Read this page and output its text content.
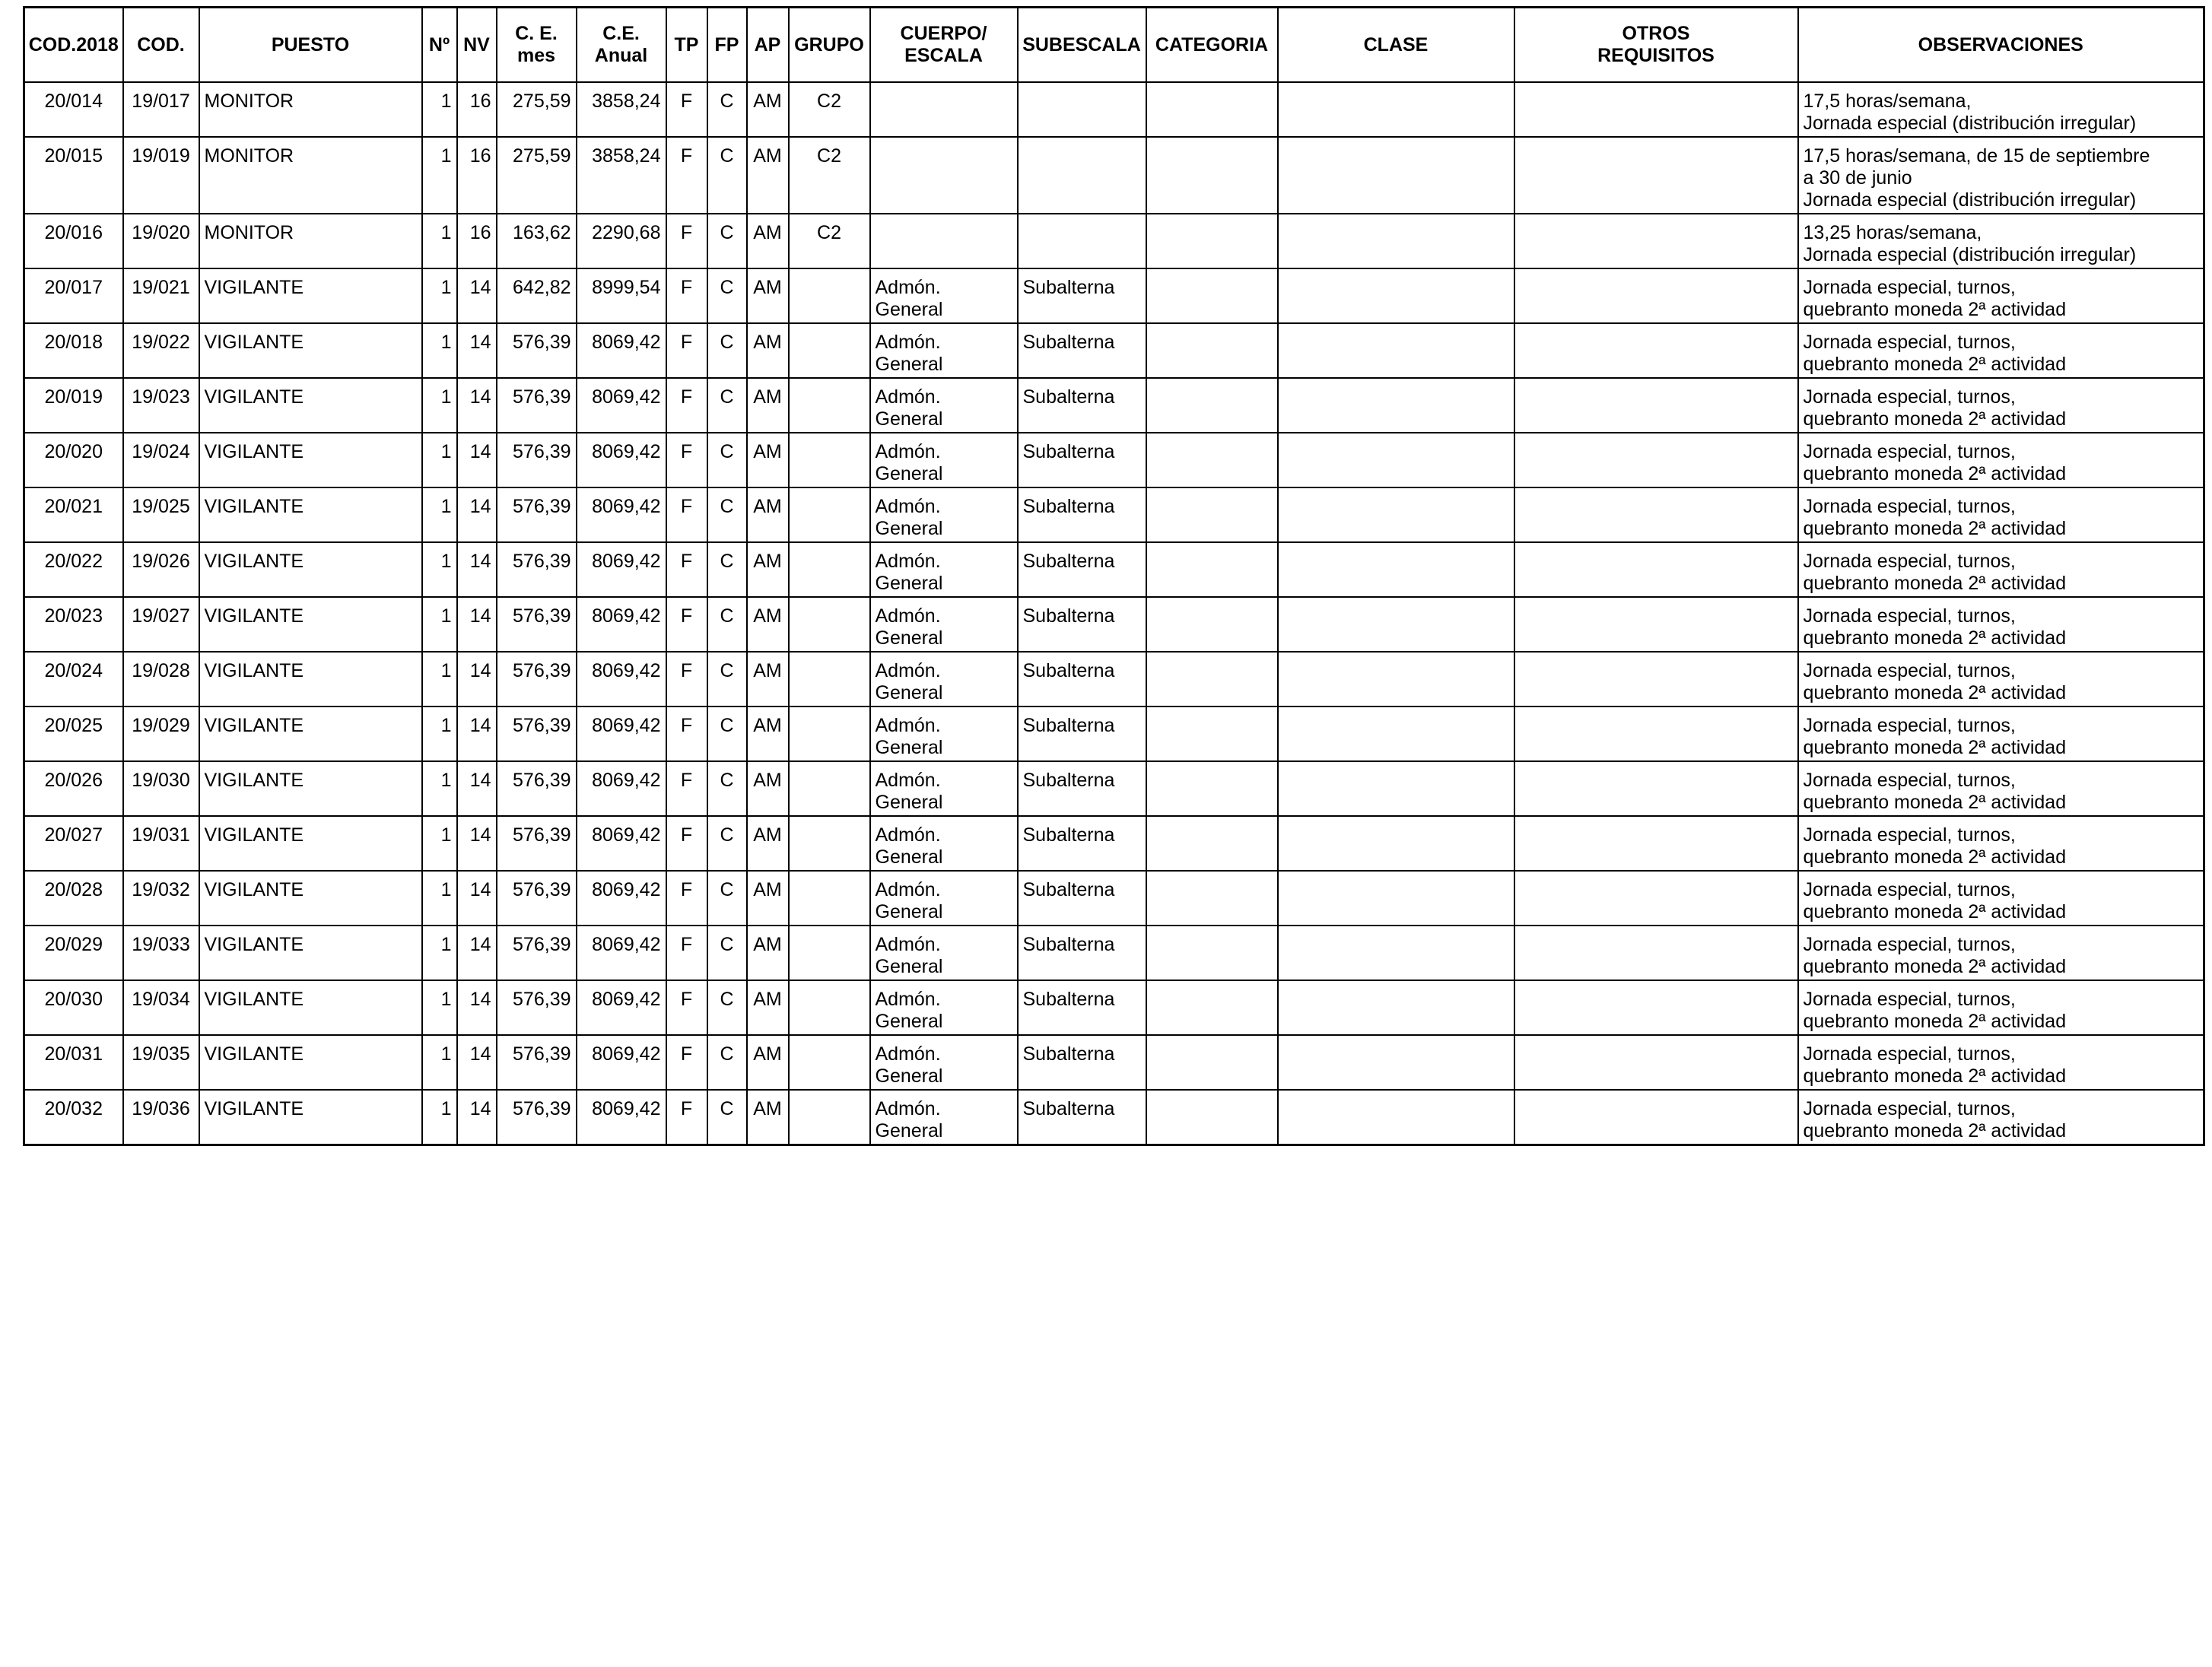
COD.2018	COD.	PUESTO	Nº	NV	C. E.
mes	C.E.
Anual	TP	FP	AP	GRUPO	CUERPO/
ESCALA	SUBESCALA	CATEGORIA	CLASE	OTROS
REQUISITOS	OBSERVACIONES

20/014	19/017	MONITOR	1	16	275,59	3858,24	F	C	AM	C2						17,5 horas/semana,
Jornada especial (distribución irregular)

20/015	19/019	MONITOR	1	16	275,59	3858,24	F	C	AM	C2						17,5 horas/semana, de 15 de septiembre
a 30 de junio
Jornada especial (distribución irregular)

20/016	19/020	MONITOR	1	16	163,62	2290,68	F	C	AM	C2						13,25 horas/semana,
Jornada especial (distribución irregular)

20/017	19/021	VIGILANTE	1	14	642,82	8999,54	F	C	AM		Admón.
General	Subalterna				Jornada especial, turnos,
quebranto moneda 2ª actividad

20/018	19/022	VIGILANTE	1	14	576,39	8069,42	F	C	AM		Admón.
General	Subalterna				Jornada especial, turnos,
quebranto moneda 2ª actividad

20/019	19/023	VIGILANTE	1	14	576,39	8069,42	F	C	AM		Admón.
General	Subalterna				Jornada especial, turnos,
quebranto moneda 2ª actividad

20/020	19/024	VIGILANTE	1	14	576,39	8069,42	F	C	AM		Admón.
General	Subalterna				Jornada especial, turnos,
quebranto moneda 2ª actividad

20/021	19/025	VIGILANTE	1	14	576,39	8069,42	F	C	AM		Admón.
General	Subalterna				Jornada especial, turnos,
quebranto moneda 2ª actividad

20/022	19/026	VIGILANTE	1	14	576,39	8069,42	F	C	AM		Admón.
General	Subalterna				Jornada especial, turnos,
quebranto moneda 2ª actividad

20/023	19/027	VIGILANTE	1	14	576,39	8069,42	F	C	AM		Admón.
General	Subalterna				Jornada especial, turnos,
quebranto moneda 2ª actividad

20/024	19/028	VIGILANTE	1	14	576,39	8069,42	F	C	AM		Admón.
General	Subalterna				Jornada especial, turnos,
quebranto moneda 2ª actividad

20/025	19/029	VIGILANTE	1	14	576,39	8069,42	F	C	AM		Admón.
General	Subalterna				Jornada especial, turnos,
quebranto moneda 2ª actividad

20/026	19/030	VIGILANTE	1	14	576,39	8069,42	F	C	AM		Admón.
General	Subalterna				Jornada especial, turnos,
quebranto moneda 2ª actividad

20/027	19/031	VIGILANTE	1	14	576,39	8069,42	F	C	AM		Admón.
General	Subalterna				Jornada especial, turnos,
quebranto moneda 2ª actividad

20/028	19/032	VIGILANTE	1	14	576,39	8069,42	F	C	AM		Admón.
General	Subalterna				Jornada especial, turnos,
quebranto moneda 2ª actividad

20/029	19/033	VIGILANTE	1	14	576,39	8069,42	F	C	AM		Admón.
General	Subalterna				Jornada especial, turnos,
quebranto moneda 2ª actividad

20/030	19/034	VIGILANTE	1	14	576,39	8069,42	F	C	AM		Admón.
General	Subalterna				Jornada especial, turnos,
quebranto moneda 2ª actividad

20/031	19/035	VIGILANTE	1	14	576,39	8069,42	F	C	AM		Admón.
General	Subalterna				Jornada especial, turnos,
quebranto moneda 2ª actividad

20/032	19/036	VIGILANTE	1	14	576,39	8069,42	F	C	AM		Admón.
General	Subalterna				Jornada especial, turnos,
quebranto moneda 2ª actividad
